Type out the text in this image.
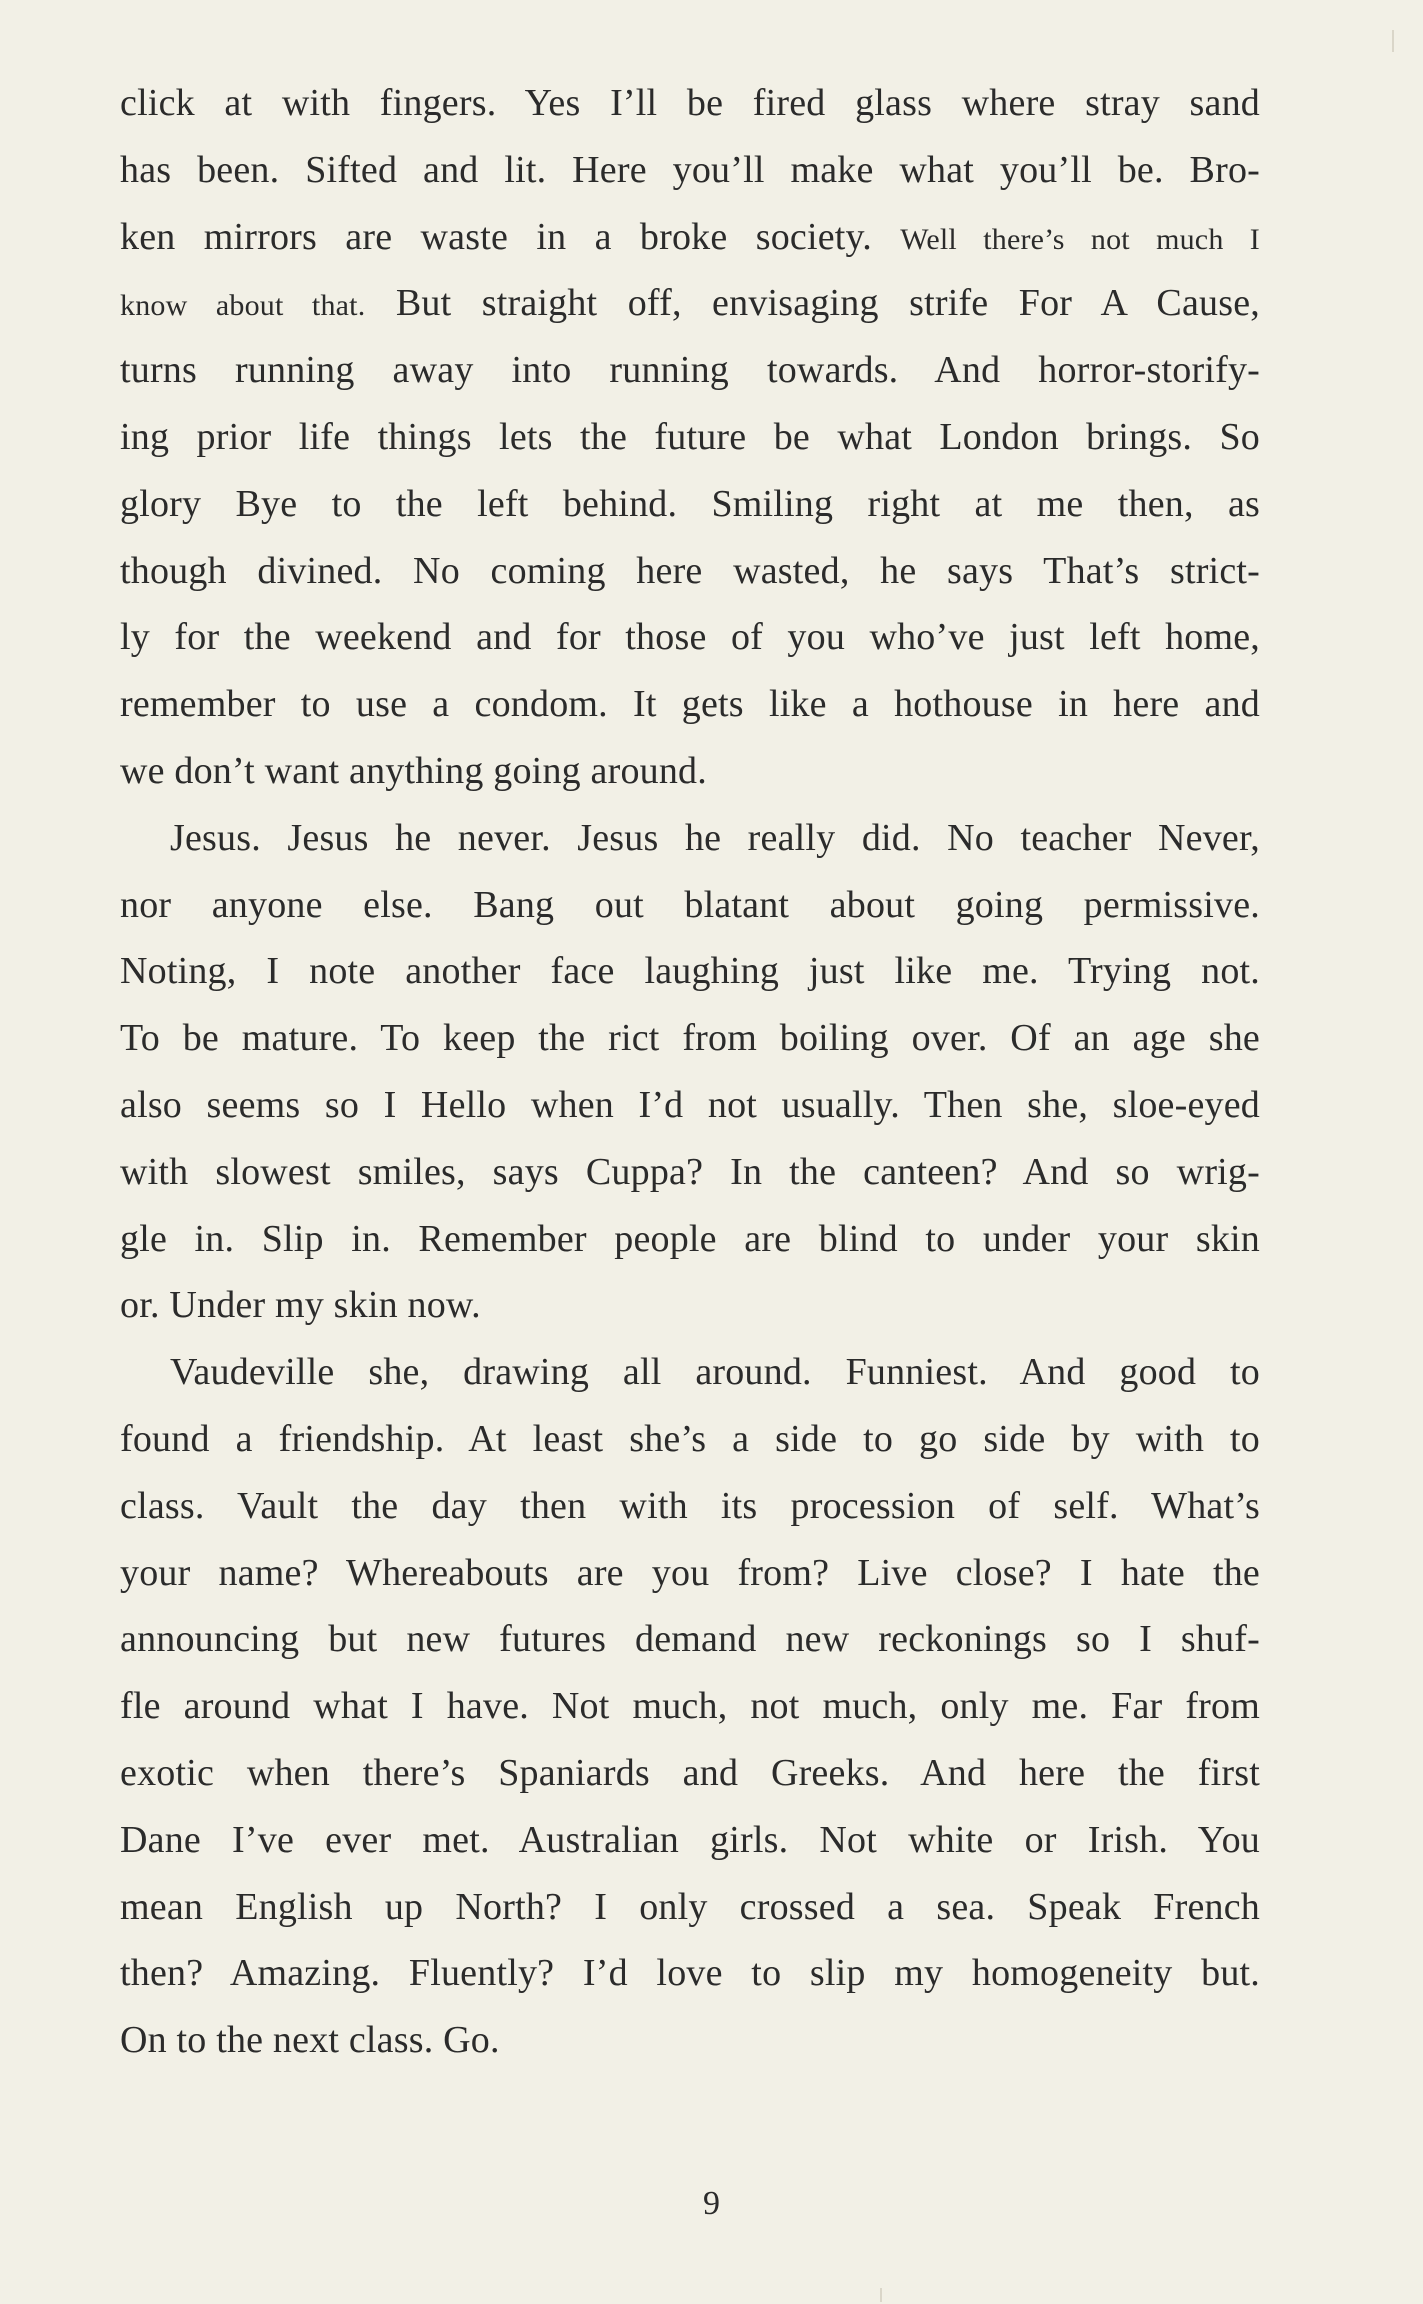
click at with fingers. Yes I’ll be fired glass where stray sand
has been. Sifted and lit. Here you’ll make what you’ll be. Bro-
ken mirrors are waste in a broke society. Well there’s not much I
know about that. But straight off, envisaging strife For A Cause,
turns running away into running towards. And horror-storify-
ing prior life things lets the future be what London brings. So
glory Bye to the left behind. Smiling right at me then, as
though divined. No coming here wasted, he says That’s strict-
ly for the weekend and for those of you who’ve just left home,
remember to use a condom. It gets like a hothouse in here and
we don’t want anything going around.
Jesus. Jesus he never. Jesus he really did. No teacher Never,
nor anyone else. Bang out blatant about going permissive.
Noting, I note another face laughing just like me. Trying not.
To be mature. To keep the rict from boiling over. Of an age she
also seems so I Hello when I’d not usually. Then she, sloe-eyed
with slowest smiles, says Cuppa? In the canteen? And so wrig-
gle in. Slip in. Remember people are blind to under your skin
or. Under my skin now.
Vaudeville she, drawing all around. Funniest. And good to
found a friendship. At least she’s a side to go side by with to
class. Vault the day then with its procession of self. What’s
your name? Whereabouts are you from? Live close? I hate the
announcing but new futures demand new reckonings so I shuf-
fle around what I have. Not much, not much, only me. Far from
exotic when there’s Spaniards and Greeks. And here the first
Dane I’ve ever met. Australian girls. Not white or Irish. You
mean English up North? I only crossed a sea. Speak French
then? Amazing. Fluently? I’d love to slip my homogeneity but.
On to the next class. Go.
9
